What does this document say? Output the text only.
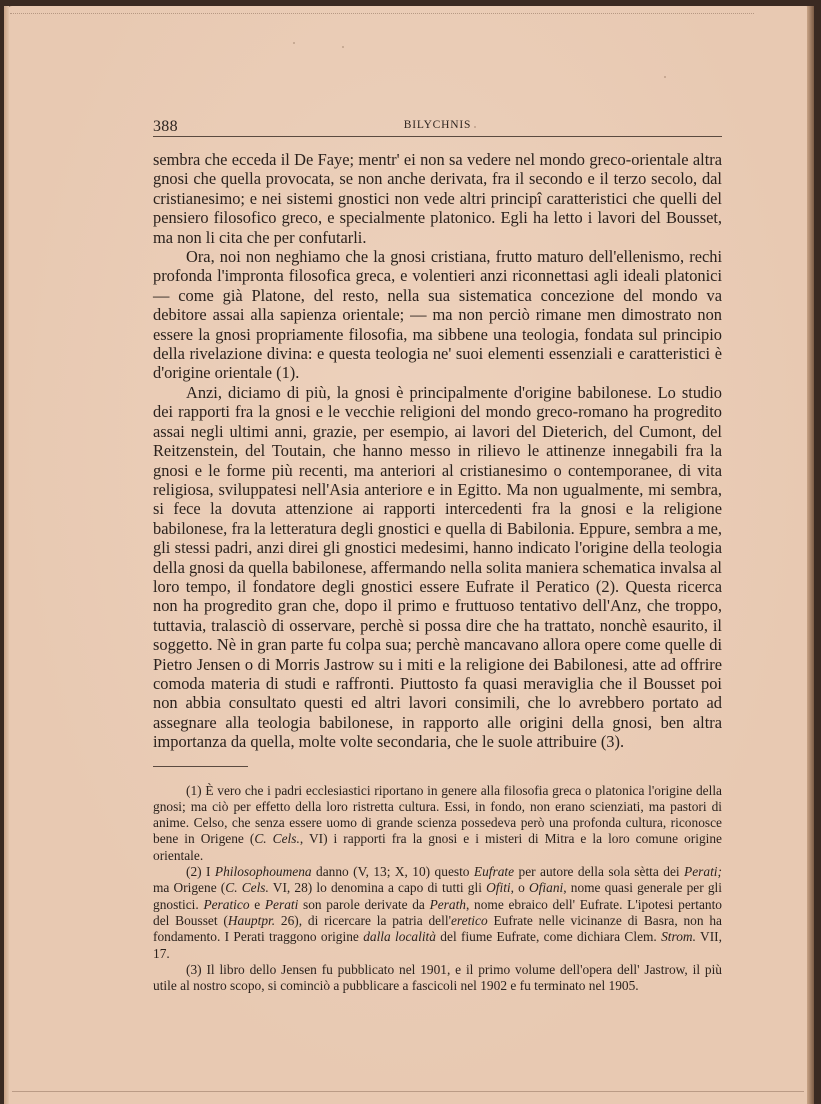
388	BILYCHNIS

sembra che ecceda il De Faye; mentr' ei non sa vedere nel mondo greco-orientale altra gnosi che quella provocata, se non anche derivata, fra il secondo e il terzo secolo, dal cristianesimo; e nei sistemi gnostici non vede altri principî caratteristici che quelli del pensiero filosofico greco, e specialmente platonico. Egli ha letto i lavori del Bousset, ma non li cita che per confutarli.

Ora, noi non neghiamo che la gnosi cristiana, frutto maturo dell'ellenismo, rechi profonda l'impronta filosofica greca, e volentieri anzi riconnettasi agli ideali platonici — come già Platone, del resto, nella sua sistematica concezione del mondo va debitore assai alla sapienza orientale; — ma non perciò rimane men dimostrato non essere la gnosi propriamente filosofia, ma sibbene una teologia, fondata sul principio della rivelazione divina: e questa teologia ne' suoi elementi essenziali e caratteristici è d'origine orientale (1).

Anzi, diciamo di più, la gnosi è principalmente d'origine babilonese. Lo studio dei rapporti fra la gnosi e le vecchie religioni del mondo greco-romano ha progredito assai negli ultimi anni, grazie, per esempio, ai lavori del Dieterich, del Cumont, del Reitzenstein, del Toutain, che hanno messo in rilievo le attinenze innegabili fra la gnosi e le forme più recenti, ma anteriori al cristianesimo o contemporanee, di vita religiosa, sviluppatesi nell'Asia anteriore e in Egitto. Ma non ugualmente, mi sembra, si fece la dovuta attenzione ai rapporti intercedenti fra la gnosi e la religione babilonese, fra la letteratura degli gnostici e quella di Babilonia. Eppure, sembra a me, gli stessi padri, anzi direi gli gnostici medesimi, hanno indicato l'origine della teologia della gnosi da quella babilonese, affermando nella solita maniera schematica invalsa al loro tempo, il fondatore degli gnostici essere Eufrate il Peratico (2). Questa ricerca non ha progredito gran che, dopo il primo e fruttuoso tentativo dell'Anz, che troppo, tuttavia, tralasciò di osservare, perchè si possa dire che ha trattato, nonchè esaurito, il soggetto. Nè in gran parte fu colpa sua; perchè mancavano allora opere come quelle di Pietro Jensen o di Morris Jastrow su i miti e la religione dei Babilonesi, atte ad offrire comoda materia di studi e raffronti. Piuttosto fa quasi meraviglia che il Bousset poi non abbia consultato questi ed altri lavori consimili, che lo avrebbero portato ad assegnare alla teologia babilonese, in rapporto alle origini della gnosi, ben altra importanza da quella, molte volte secondaria, che le suole attribuire (3).

(1) È vero che i padri ecclesiastici riportano in genere alla filosofia greca o platonica l'origine della gnosi; ma ciò per effetto della loro ristretta cultura. Essi, in fondo, non erano scienziati, ma pastori di anime. Celso, che senza essere uomo di grande scienza possedeva però una profonda cultura, riconosce bene in Origene (C. Cels., VI) i rapporti fra la gnosi e i misteri di Mitra e la loro comune origine orientale.

(2) I Philosophoumena danno (V, 13; X, 10) questo Eufrate per autore della sola sètta dei Perati; ma Origene (C. Cels. VI, 28) lo denomina a capo di tutti gli Ofiti, o Ofiani, nome quasi generale per gli gnostici. Peratico e Perati son parole derivate da Perath, nome ebraico dell' Eufrate. L'ipotesi pertanto del Bousset (Hauptpr. 26), di ricercare la patria dell'eretico Eufrate nelle vicinanze di Basra, non ha fondamento. I Perati traggono origine dalla località del fiume Eufrate, come dichiara Clem. Strom. VII, 17.

(3) Il libro dello Jensen fu pubblicato nel 1901, e il primo volume dell'opera dell' Jastrow, il più utile al nostro scopo, si cominciò a pubblicare a fascicoli nel 1902 e fu terminato nel 1905.
